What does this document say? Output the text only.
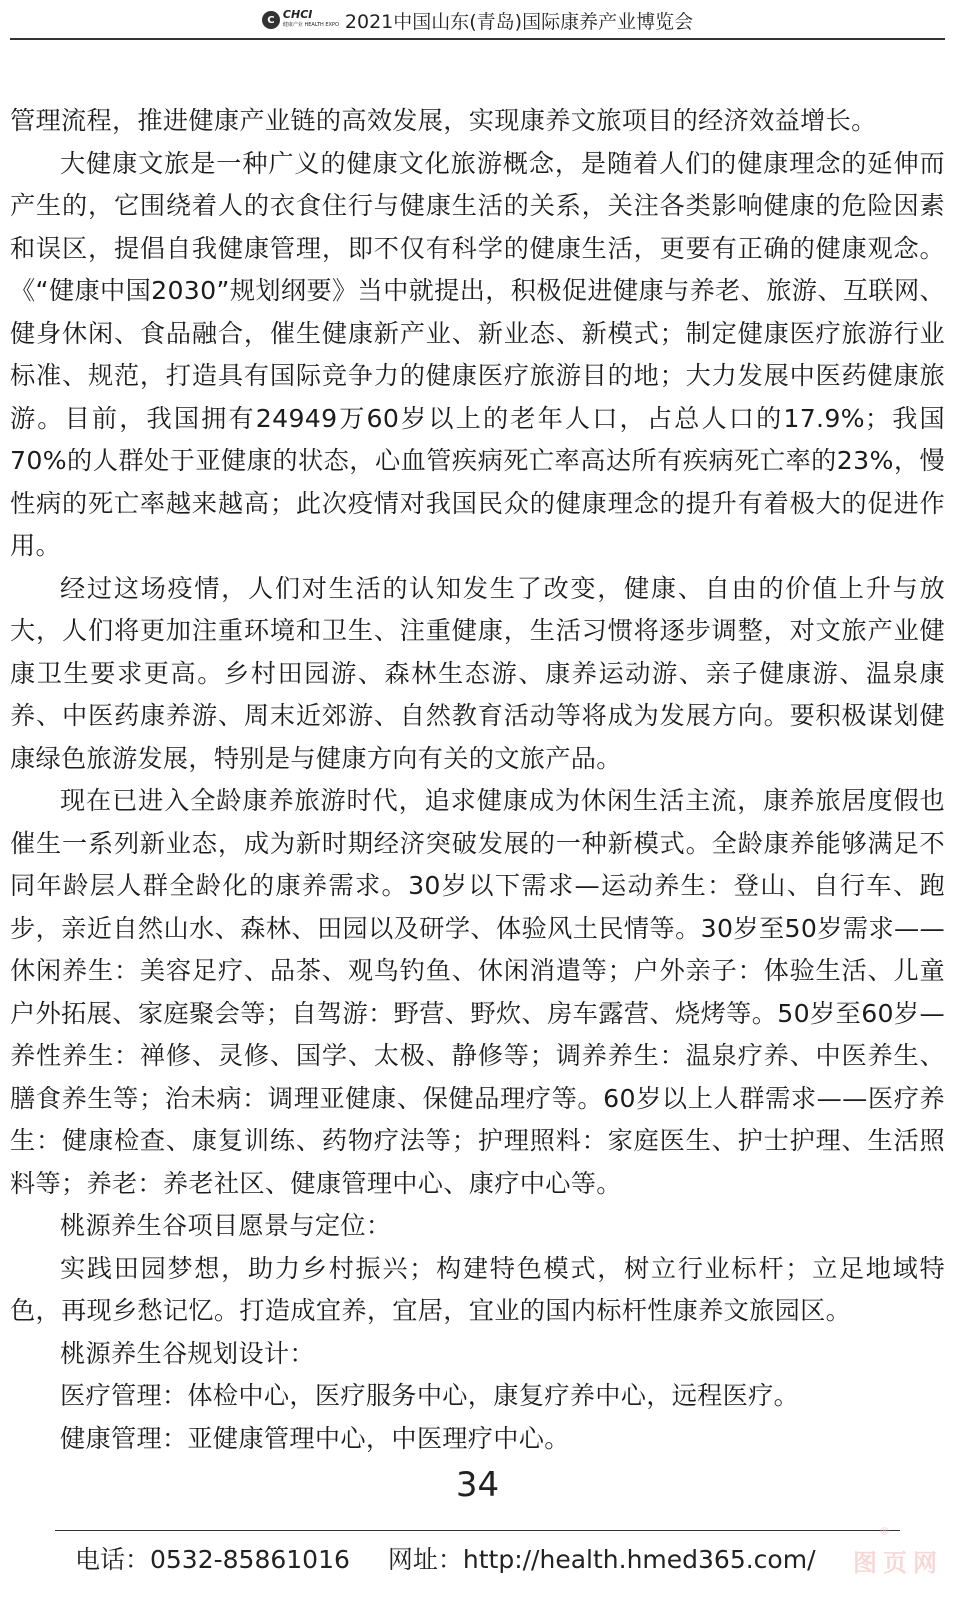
C CHCI
健康产业 HEALTH EXPO 2021中国山东(青岛)国际康养产业博览会

管理流程，推进健康产业链的高效发展，实现康养文旅项目的经济效益增长。

大健康文旅是一种广义的健康文化旅游概念，是随着人们的健康理念的延伸而产生的，它围绕着人的衣食住行与健康生活的关系，关注各类影响健康的危险因素和误区，提倡自我健康管理，即不仅有科学的健康生活，更要有正确的健康观念。《“健康中国2030”规划纲要》当中就提出，积极促进健康与养老、旅游、互联网、健身休闲、食品融合，催生健康新产业、新业态、新模式；制定健康医疗旅游行业标准、规范，打造具有国际竞争力的健康医疗旅游目的地；大力发展中医药健康旅游。目前，我国拥有24949万60岁以上的老年人口，占总人口的17.9%；我国70%的人群处于亚健康的状态，心血管疾病死亡率高达所有疾病死亡率的23%，慢性病的死亡率越来越高；此次疫情对我国民众的健康理念的提升有着极大的促进作用。

经过这场疫情，人们对生活的认知发生了改变，健康、自由的价值上升与放大，人们将更加注重环境和卫生、注重健康，生活习惯将逐步调整，对文旅产业健康卫生要求更高。乡村田园游、森林生态游、康养运动游、亲子健康游、温泉康养、中医药康养游、周末近郊游、自然教育活动等将成为发展方向。要积极谋划健康绿色旅游发展，特别是与健康方向有关的文旅产品。

现在已进入全龄康养旅游时代，追求健康成为休闲生活主流，康养旅居度假也催生一系列新业态，成为新时期经济突破发展的一种新模式。全龄康养能够满足不同年龄层人群全龄化的康养需求。30岁以下需求—运动养生：登山、自行车、跑步，亲近自然山水、森林、田园以及研学、体验风土民情等。30岁至50岁需求——休闲养生：美容足疗、品茶、观鸟钓鱼、休闲消遣等；户外亲子：体验生活、儿童户外拓展、家庭聚会等；自驾游：野营、野炊、房车露营、烧烤等。50岁至60岁—养性养生：禅修、灵修、国学、太极、静修等；调养养生：温泉疗养、中医养生、膳食养生等；治未病：调理亚健康、保健品理疗等。60岁以上人群需求——医疗养生：健康检查、康复训练、药物疗法等；护理照料：家庭医生、护士护理、生活照料等；养老：养老社区、健康管理中心、康疗中心等。

桃源养生谷项目愿景与定位：

实践田园梦想，助力乡村振兴；构建特色模式，树立行业标杆；立足地域特色，再现乡愁记忆。打造成宜养，宜居，宜业的国内标杆性康养文旅园区。

桃源养生谷规划设计：

医疗管理：体检中心，医疗服务中心，康复疗养中心，远程医疗。

健康管理：亚健康管理中心，中医理疗中心。

34
电话：0532-85861016 网址：http://health.hmed365.com/
®
图页网
